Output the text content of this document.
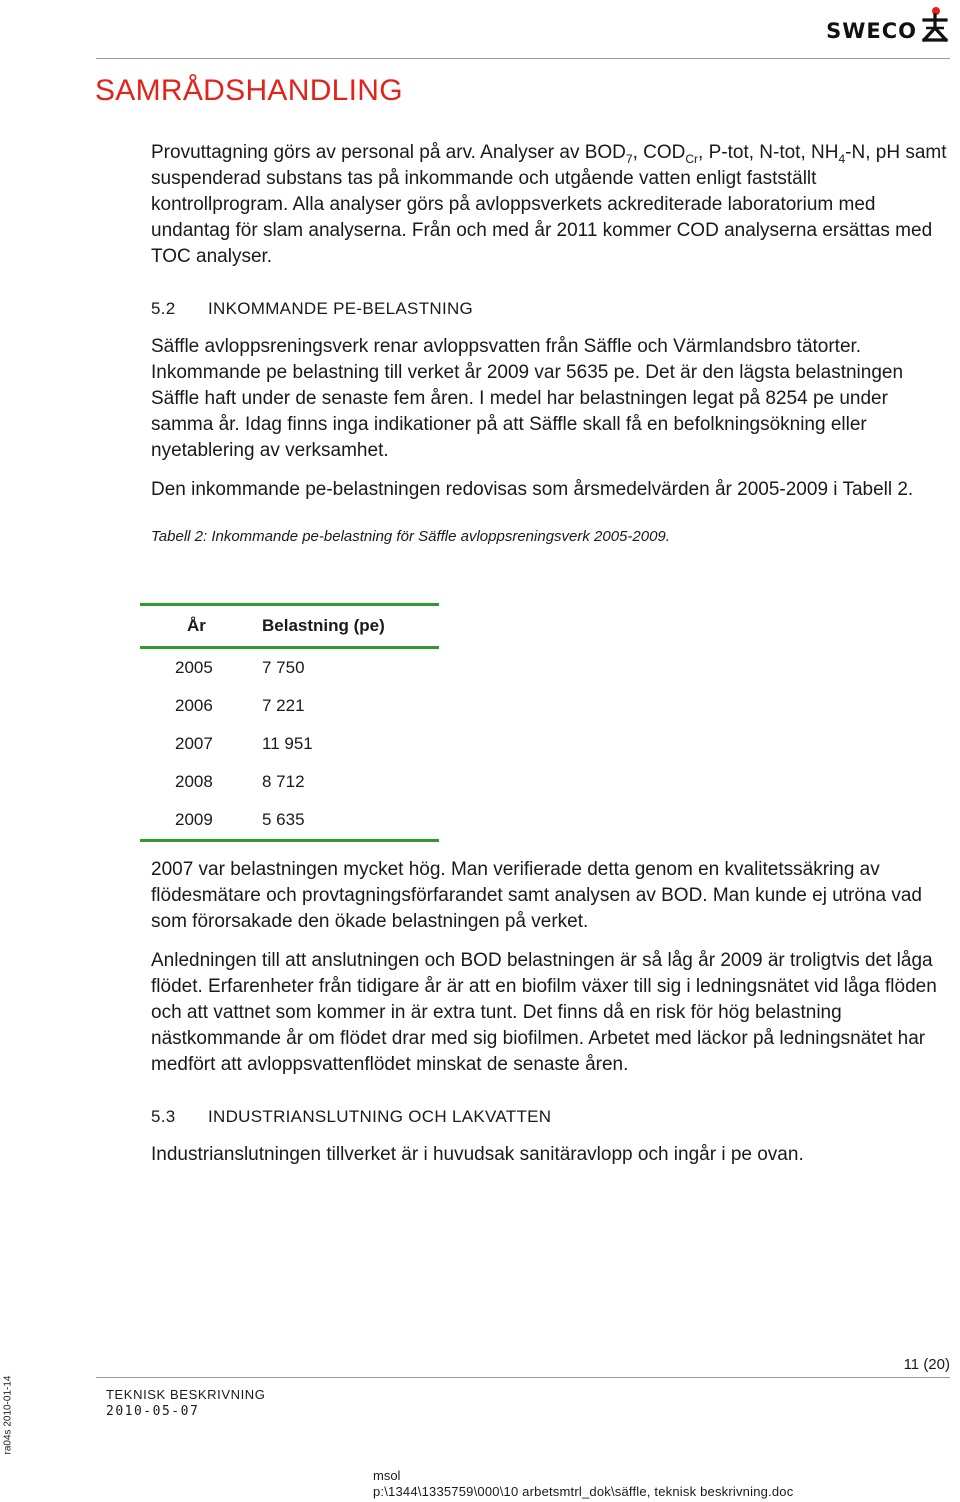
SWECO
SAMRÅDSHANDLING

Provuttagning görs av personal på arv. Analyser av $BOD_7$, $COD_{Cr}$, P-tot, N-tot, $NH_4-N$, pH samt suspenderad substans tas på inkommande och utgående vatten enligt fastställt kontrollprogram. Alla analyser görs på avloppsverkets ackrediterade laboratorium med undantag för slam analyserna. Från och med år 2011 kommer COD analyserna ersättas med TOC analyser.

5.2 INKOMMANDE PE-BELASTNING

Säffle avloppsreningsverk renar avloppsvatten från Säffle och Värmlandsbro tätorter. Inkommande pe belastning till verket år 2009 var 5635 pe. Det är den lägsta belastningen Säffle haft under de senaste fem åren. I medel har belastningen legat på 8254 pe under samma år. Idag finns inga indikationer på att Säffle skall få en befolkningsökning eller nyetablering av verksamhet.

Den inkommande pe-belastningen redovisas som årsmedelvärden år 2005-2009 i Tabell 2.

Tabell 2: Inkommande pe-belastning för Säffle avloppsreningsverk 2005-2009.

2007 var belastningen mycket hög. Man verifierade detta genom en kvalitetssäkring av flödesmätare och provtagningsförfarandet samt analysen av BOD. Man kunde ej utröna vad som förorsakade den ökade belastningen på verket.

Anledningen till att anslutningen och BOD belastningen är så låg år 2009 är troligtvis det låga flödet. Erfarenheter från tidigare år är att en biofilm växer till sig i ledningsnätet vid låga flöden och att vattnet som kommer in är extra tunt. Det finns då en risk för hög belastning nästkommande år om flödet drar med sig biofilmen. Arbetet med läckor på ledningsnätet har medfört att avloppsvattenflödet minskat de senaste åren.

5.3 INDUSTRIANSLUTNING OCH LAKVATTEN

Industrianslutningen tillverket är i huvudsak sanitäravlopp och ingår i pe ovan.

År	Belastning (pe)
2005	7 750
2006	7 221
2007	11 951
2008	8 712
2009	5 635
11 (20)
TEKNISK BESKRIVNING
2010-05-07
ra04s 2010-01-14
msol
p:\1344\1335759\000\10 arbetsmtrl_dok\säffle, teknisk beskrivning.doc
